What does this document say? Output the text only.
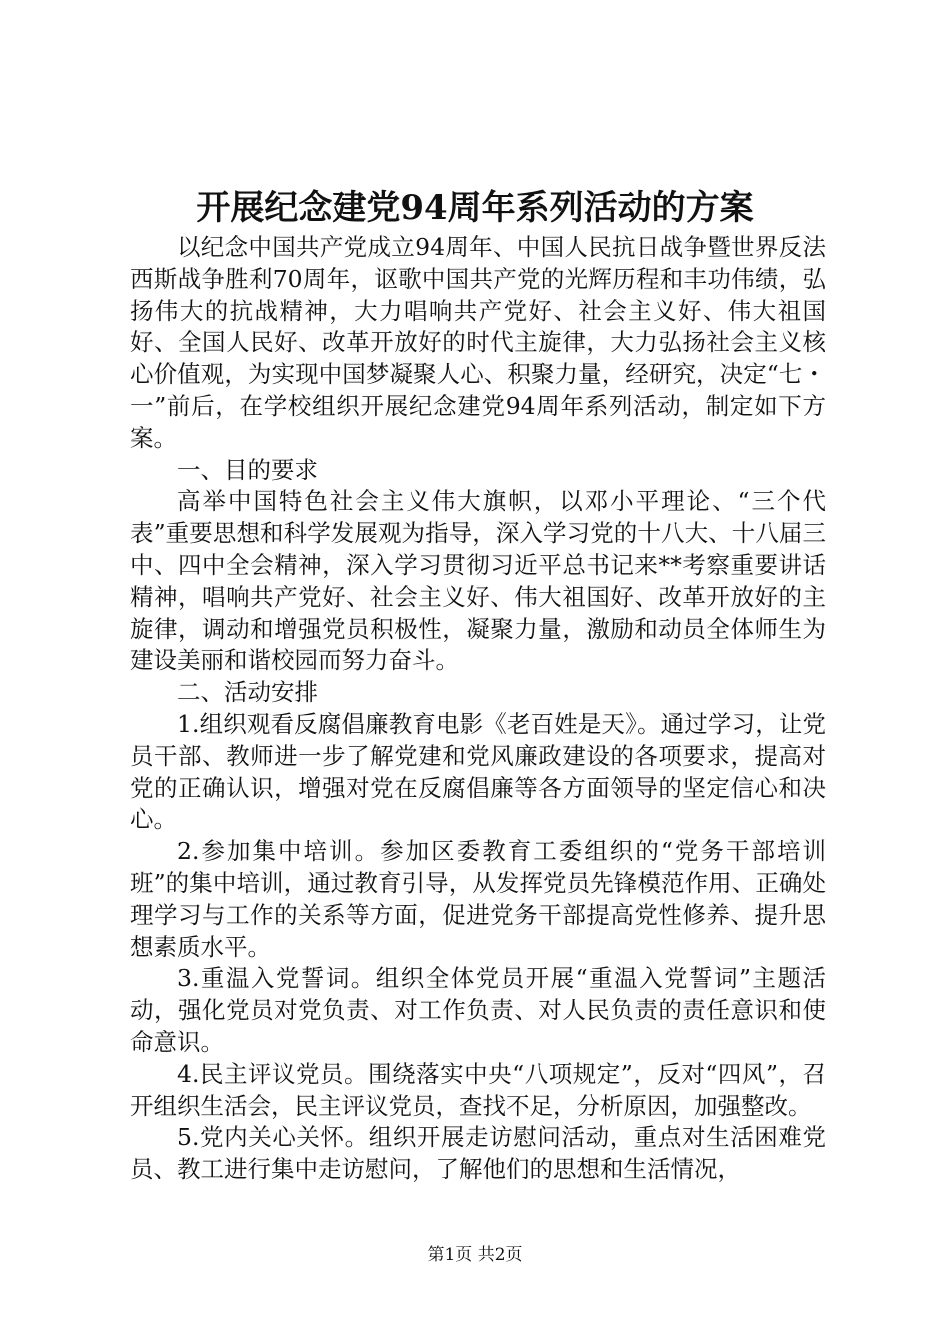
开展纪念建党94周年系列活动的方案

以纪念中国共产党成立94周年、中国人民抗日战争暨世界反法西斯战争胜利70周年，讴歌中国共产党的光辉历程和丰功伟绩，弘扬伟大的抗战精神，大力唱响共产党好、社会主义好、伟大祖国好、全国人民好、改革开放好的时代主旋律，大力弘扬社会主义核心价值观，为实现中国梦凝聚人心、积聚力量，经研究，决定“七・一”前后，在学校组织开展纪念建党94周年系列活动，制定如下方案。

一、目的要求

高举中国特色社会主义伟大旗帜，以邓小平理论、“三个代表”重要思想和科学发展观为指导，深入学习党的十八大、十八届三中、四中全会精神，深入学习贯彻习近平总书记来**考察重要讲话精神，唱响共产党好、社会主义好、伟大祖国好、改革开放好的主旋律，调动和增强党员积极性，凝聚力量，激励和动员全体师生为建设美丽和谐校园而努力奋斗。

二、活动安排

1.组织观看反腐倡廉教育电影《老百姓是天》。通过学习，让党员干部、教师进一步了解党建和党风廉政建设的各项要求，提高对党的正确认识，增强对党在反腐倡廉等各方面领导的坚定信心和决心。

2.参加集中培训。参加区委教育工委组织的“党务干部培训班”的集中培训，通过教育引导，从发挥党员先锋模范作用、正确处理学习与工作的关系等方面，促进党务干部提高党性修养、提升思想素质水平。

3.重温入党誓词。组织全体党员开展“重温入党誓词”主题活动，强化党员对党负责、对工作负责、对人民负责的责任意识和使命意识。

4.民主评议党员。围绕落实中央“八项规定”，反对“四风”，召开组织生活会，民主评议党员，查找不足，分析原因，加强整改。

5.党内关心关怀。组织开展走访慰问活动，重点对生活困难党员、教工进行集中走访慰问，了解他们的思想和生活情况，

第1页 共2页
